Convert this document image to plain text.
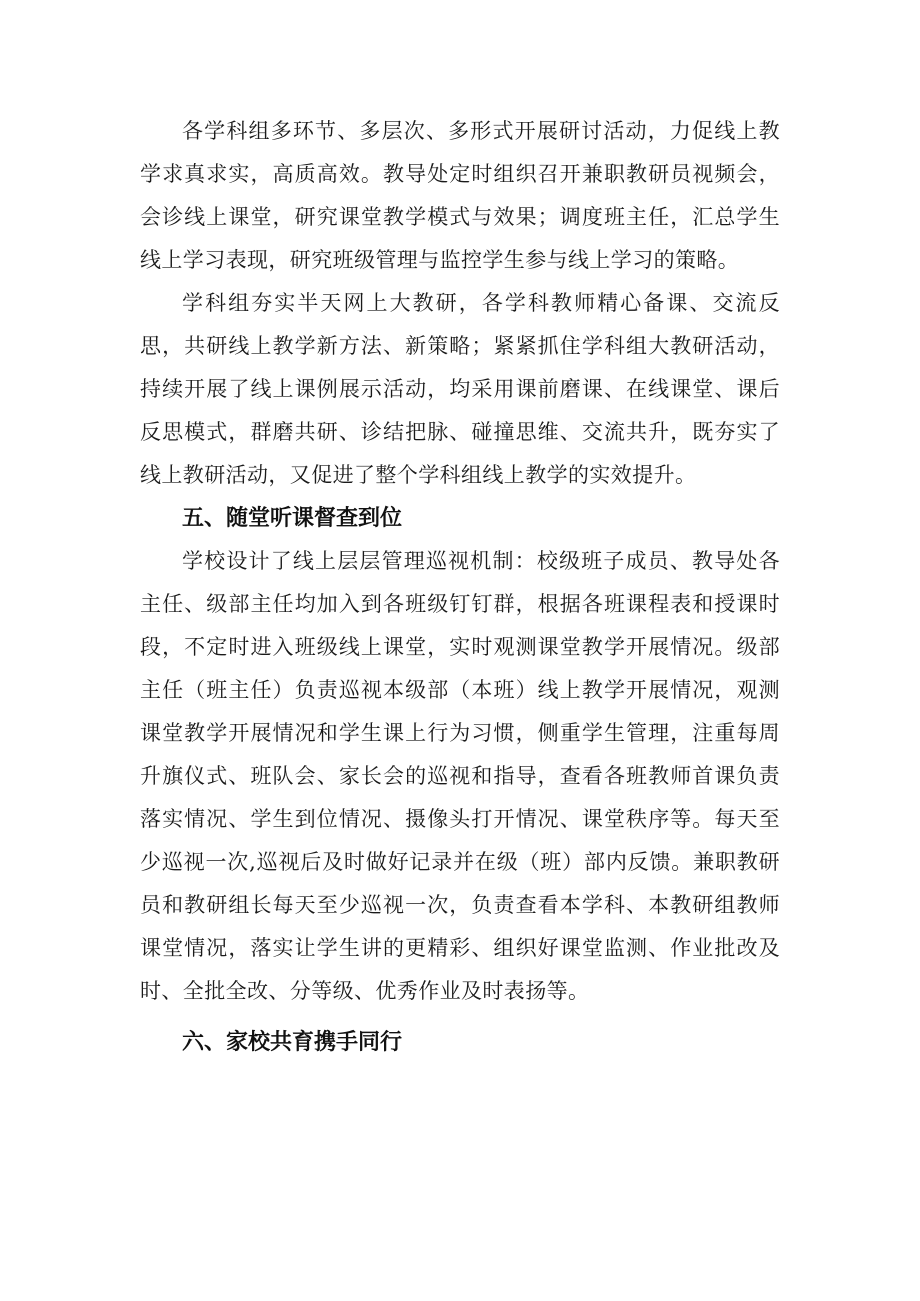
各学科组多环节、多层次、多形式开展研讨活动，力促线上教学求真求实，高质高效。教导处定时组织召开兼职教研员视频会，会诊线上课堂，研究课堂教学模式与效果；调度班主任，汇总学生线上学习表现，研究班级管理与监控学生参与线上学习的策略。

学科组夯实半天网上大教研，各学科教师精心备课、交流反思，共研线上教学新方法、新策略；紧紧抓住学科组大教研活动，持续开展了线上课例展示活动，均采用课前磨课、在线课堂、课后反思模式，群磨共研、诊结把脉、碰撞思维、交流共升，既夯实了线上教研活动，又促进了整个学科组线上教学的实效提升。

五、随堂听课督查到位

学校设计了线上层层管理巡视机制：校级班子成员、教导处各主任、级部主任均加入到各班级钉钉群，根据各班课程表和授课时段，不定时进入班级线上课堂，实时观测课堂教学开展情况。级部主任（班主任）负责巡视本级部（本班）线上教学开展情况，观测课堂教学开展情况和学生课上行为习惯，侧重学生管理，注重每周升旗仪式、班队会、家长会的巡视和指导，查看各班教师首课负责落实情况、学生到位情况、摄像头打开情况、课堂秩序等。每天至少巡视一次,巡视后及时做好记录并在级（班）部内反馈。兼职教研员和教研组长每天至少巡视一次，负责查看本学科、本教研组教师课堂情况，落实让学生讲的更精彩、组织好课堂监测、作业批改及时、全批全改、分等级、优秀作业及时表扬等。

六、家校共育携手同行
